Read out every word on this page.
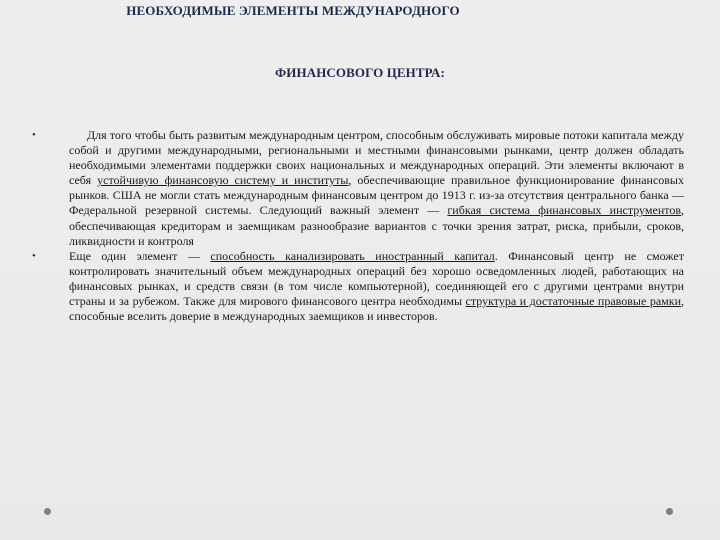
НЕОБХОДИМЫЕ ЭЛЕМЕНТЫ МЕЖДУНАРОДНОГО
ФИНАНСОВОГО ЦЕНТРА:
•	Для того чтобы быть развитым международным центром, способным обслуживать мировые потоки капитала между собой и другими международными, региональными и местными финансовыми рынками, центр должен обладать необходимыми элементами поддержки своих национальных и международных операций. Эти элементы включают в себя устойчивую финансовую систему и институты, обеспечивающие правильное функционирование финансовых рынков. США не могли стать международным финансовым центром до 1913 г. из-за отсутствия центрального банка — Федеральной резервной системы. Следующий важный элемент — гибкая система финансовых инструментов, обеспечивающая кредиторам и заемщикам разнообразие вариантов с точки зрения затрат, риска, прибыли, сроков, ликвидности и контроля
•	Еще один элемент — способность канализировать иностранный капитал. Финансовый центр не сможет контролировать значительный объем международных операций без хорошо осведомленных людей, работающих на финансовых рынках, и средств связи (в том числе компьютерной), соединяющей его с другими центрами внутри страны и за рубежом. Также для мирового финансового центра необходимы структура и достаточные правовые рамки, способные вселить доверие в международных заемщиков и инвесторов.
